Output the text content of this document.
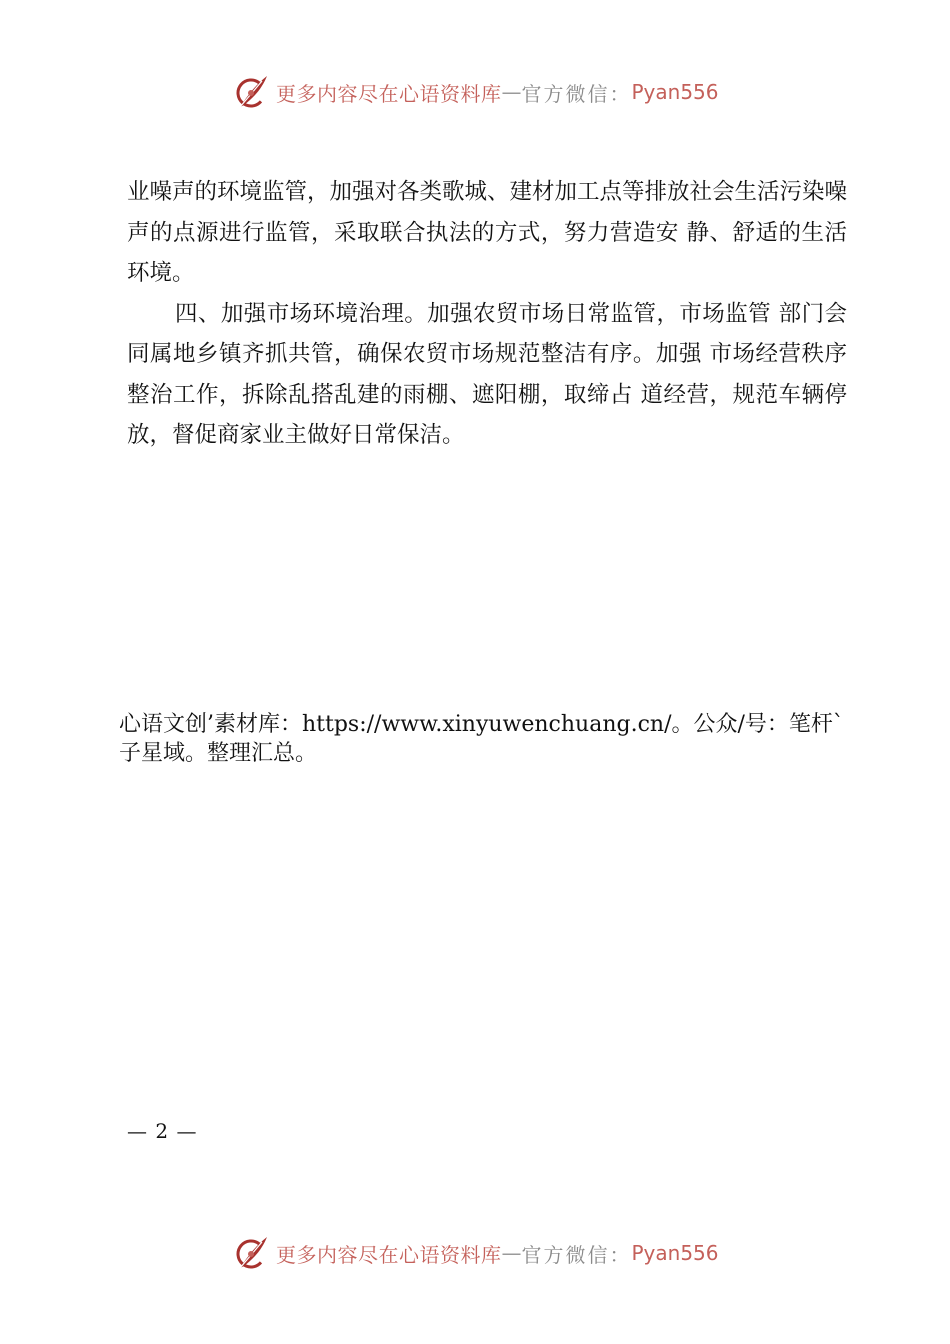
更多内容尽在心语资料库 — 官方微信： Pyan556

业噪声的环境监管，加强对各类歌城、建材加工点等排放社会生活污染噪声的点源进行监管，采取联合执法的方式，努力营造安 静、舒适的生活环境。

四、加强市场环境治理。加强农贸市场日常监管，市场监管 部门会同属地乡镇齐抓共管，确保农贸市场规范整洁有序。加强 市场经营秩序整治工作，拆除乱搭乱建的雨棚、遮阳棚，取缔占 道经营，规范车辆停放，督促商家业主做好日常保洁。

心语文创’素材库：https://www.xinyuwenchuang.cn/。公众/号：笔杆`子星域。整理汇总。
— 2 —
更多内容尽在心语资料库 — 官方微信： Pyan556
